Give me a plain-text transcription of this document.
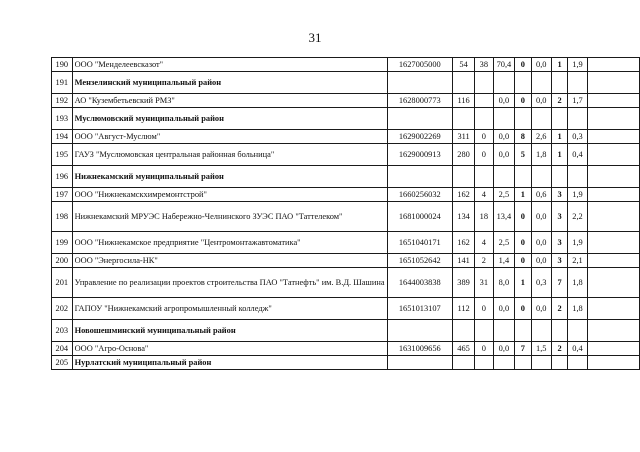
31
190	ООО "Менделеевсказот"	1627005000	54	38	70,4	0	0,0	1	1,9	
191	Мензелинский муниципальный район									
192	АО "Кузембетьевский РМЗ"	1628000773	116		0,0	0	0,0	2	1,7	
193	Муслюмовский муниципальный район									
194	ООО "Август-Муслюм"	1629002269	311	0	0,0	8	2,6	1	0,3	
195	ГАУЗ "Муслюмовская центральная районная больница"	1629000913	280	0	0,0	5	1,8	1	0,4	
196	Нижнекамский муниципальный район									
197	ООО "Нижнекамскхимремонтстрой"	1660256032	162	4	2,5	1	0,6	3	1,9	
198	Нижнекамский МРУЭС Набережно-Челнинского ЗУЭС ПАО "Таттелеком"	1681000024	134	18	13,4	0	0,0	3	2,2	
199	ООО "Нижнекамское предприятие "Центромонтажавтоматика"	1651040171	162	4	2,5	0	0,0	3	1,9	
200	ООО "Энергосила-НК"	1651052642	141	2	1,4	0	0,0	3	2,1	
201	Управление по реализации проектов строительства ПАО "Татнефть" им. В.Д. Шашина	1644003838	389	31	8,0	1	0,3	7	1,8	
202	ГАПОУ "Нижнекамский агропромышленный колледж"	1651013107	112	0	0,0	0	0,0	2	1,8	
203	Новошешминский муниципальный район									
204	ООО "Агро-Основа"	1631009656	465	0	0,0	7	1,5	2	0,4	
205	Нурлатский муниципальный район									
